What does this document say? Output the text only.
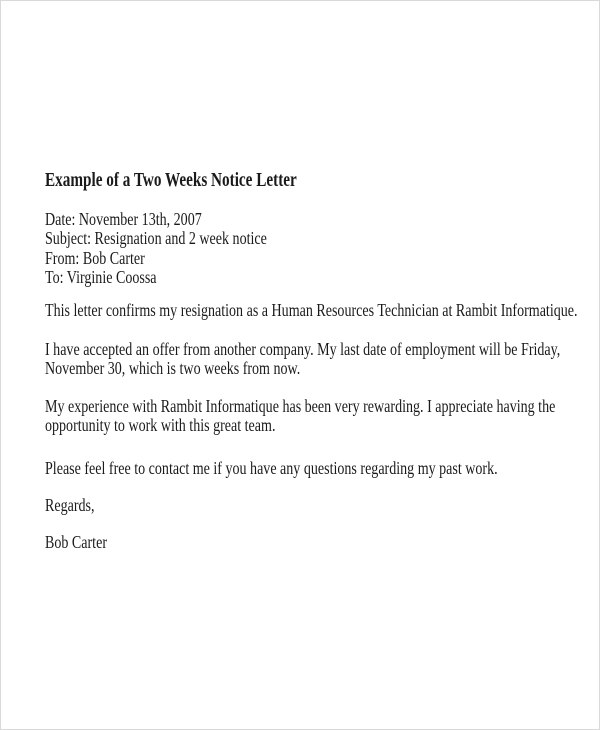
Example of a Two Weeks Notice Letter
Date: November 13th, 2007
Subject: Resignation and 2 week notice
From: Bob Carter
To: Virginie Coossa
This letter confirms my resignation as a Human Resources Technician at Rambit Informatique.
I have accepted an offer from another company. My last date of employment will be Friday,
November 30, which is two weeks from now.
My experience with Rambit Informatique has been very rewarding. I appreciate having the
opportunity to work with this great team.
Please feel free to contact me if you have any questions regarding my past work.
Regards,
Bob Carter
